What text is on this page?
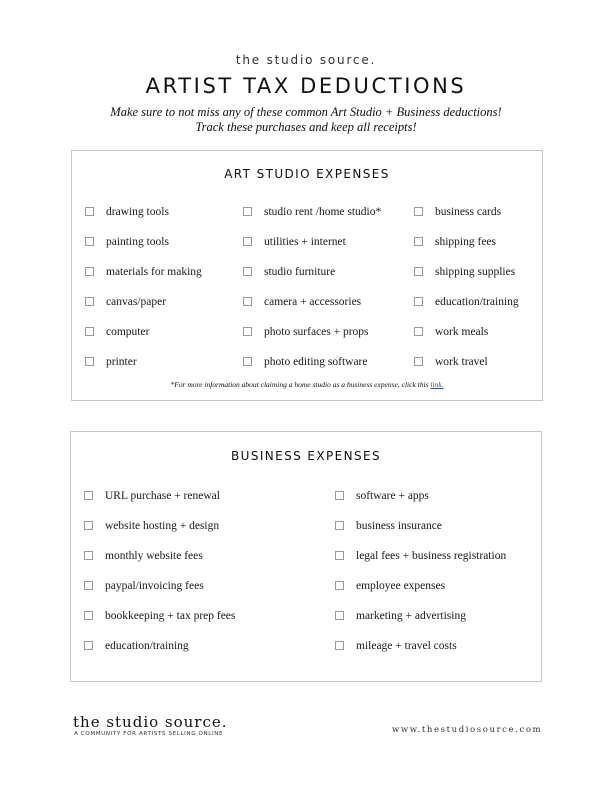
the studio source.
ARTIST TAX DEDUCTIONS
Make sure to not miss any of these common Art Studio + Business deductions!
Track these purchases and keep all receipts!
ART STUDIO EXPENSES
drawing tools
painting tools
materials for making
canvas/paper
computer
printer
studio rent /home studio*
utilities + internet
studio furniture
camera + accessories
photo surfaces + props
photo editing software
business cards
shipping fees
shipping supplies
education/training
work meals
work travel
*For more information about claiming a home studio as a business expense, click this link.
BUSINESS EXPENSES
URL purchase + renewal
website hosting + design
monthly website fees
paypal/invoicing fees
bookkeeping + tax prep fees
education/training
software + apps
business insurance
legal fees + business registration
employee expenses
marketing + advertising
mileage + travel costs
the studio source.
A COMMUNITY FOR ARTISTS SELLING ONLINE	www.thestudiosource.com
